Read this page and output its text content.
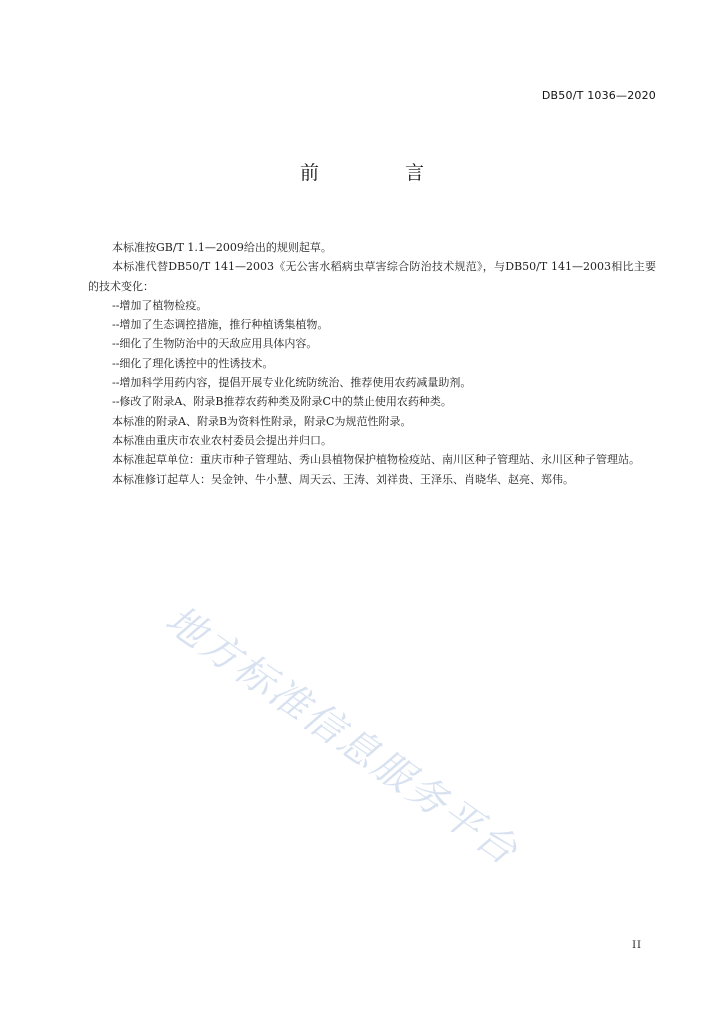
DB50/T 1036—2020
前 言

本标准按GB/T 1.1—2009给出的规则起草。

本标准代替DB50/T 141—2003《无公害水稻病虫草害综合防治技术规范》，与DB50/T 141—2003相比主要的技术变化：

--增加了植物检疫。

--增加了生态调控措施，推行种植诱集植物。

--细化了生物防治中的天敌应用具体内容。

--细化了理化诱控中的性诱技术。

--增加科学用药内容，提倡开展专业化统防统治、推荐使用农药减量助剂。

--修改了附录A、附录B推荐农药种类及附录C中的禁止使用农药种类。

本标准的附录A、附录B为资料性附录，附录C为规范性附录。

本标准由重庆市农业农村委员会提出并归口。

本标准起草单位：重庆市种子管理站、秀山县植物保护植物检疫站、南川区种子管理站、永川区种子管理站。

本标准修订起草人：吴金钟、牛小慧、周天云、王涛、刘祥贵、王泽乐、肖晓华、赵亮、郑伟。

地方标准信息服务平台
II
